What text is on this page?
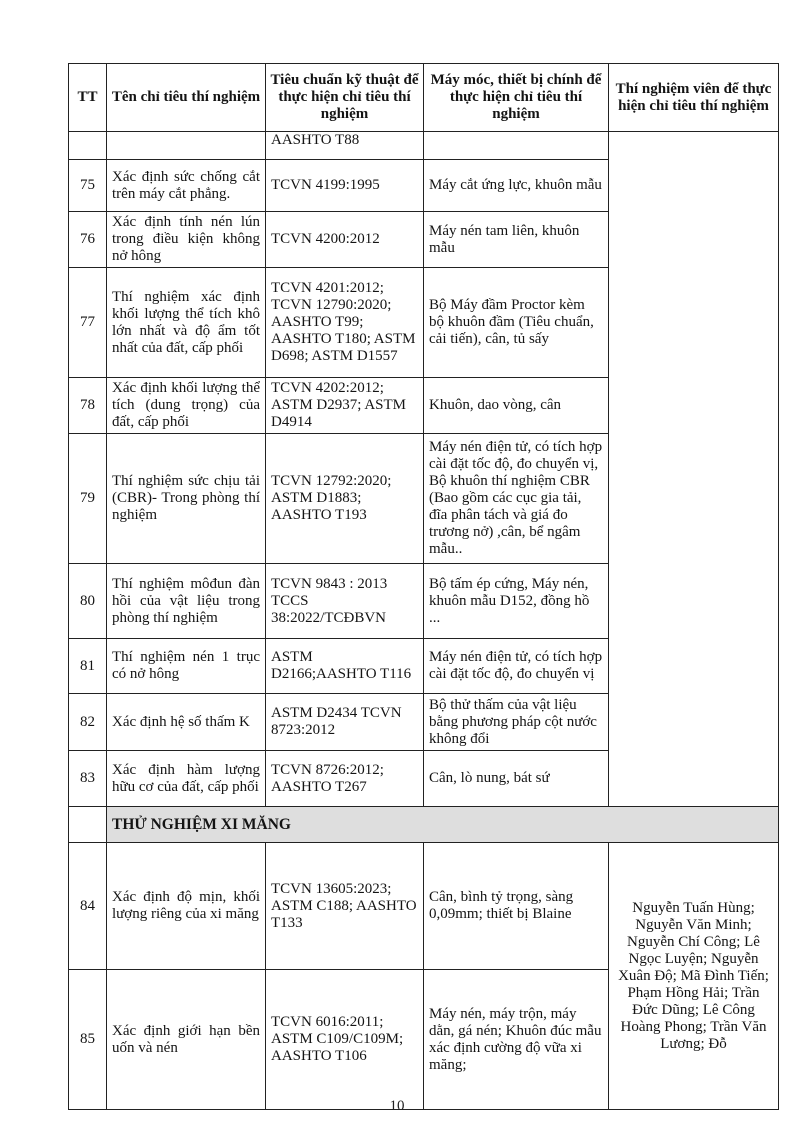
TT	Tên chỉ tiêu thí nghiệm	Tiêu chuẩn kỹ thuật để thực hiện chỉ tiêu thí nghiệm	Máy móc, thiết bị chính để thực hiện chỉ tiêu thí nghiệm	Thí nghiệm viên để thực hiện chỉ tiêu thí nghiệm
		AASHTO T88		
75	Xác định sức chống cắt trên máy cắt phẳng.	TCVN 4199:1995	Máy cắt ứng lực, khuôn mẫu	
76	Xác định tính nén lún trong điều kiện không nở hông	TCVN 4200:2012	Máy nén tam liên, khuôn mẫu	
77	Thí nghiệm xác định khối lượng thể tích khô lớn nhất và độ ẩm tốt nhất của đất, cấp phối	TCVN 4201:2012; TCVN 12790:2020; AASHTO T99; AASHTO T180; ASTM D698; ASTM D1557	Bộ Máy đầm Proctor kèm bộ khuôn đầm (Tiêu chuẩn, cải tiến), cân, tủ sấy	
78	Xác định khối lượng thể tích (dung trọng) của đất, cấp phối	TCVN 4202:2012; ASTM D2937; ASTM D4914	Khuôn, dao vòng, cân	
79	Thí nghiệm sức chịu tải (CBR)- Trong phòng thí nghiệm	TCVN 12792:2020; ASTM D1883; AASHTO T193	Máy nén điện tử, có tích hợp cài đặt tốc độ, đo chuyển vị, Bộ khuôn thí nghiệm CBR (Bao gồm các cục gia tải, đĩa phân tách và giá đo trương nở) ,cân, bể ngâm mẫu..	
80	Thí nghiệm môđun đàn hồi của vật liệu trong phòng thí nghiệm	TCVN 9843 : 2013 TCCS 38:2022/TCĐBVN	Bộ tấm ép cứng, Máy nén, khuôn mẫu D152, đồng hồ ...	
81	Thí nghiệm nén 1 trục có nở hông	ASTM D2166;AASHTO T116	Máy nén điện tử, có tích hợp cài đặt tốc độ, đo chuyển vị	
82	Xác định hệ số thấm K	ASTM D2434 TCVN 8723:2012	Bộ thử thấm của vật liệu bằng phương pháp cột nước không đổi	
83	Xác định hàm lượng hữu cơ của đất, cấp phối	TCVN 8726:2012; AASHTO T267	Cân, lò nung, bát sứ	
	THỬ NGHIỆM XI MĂNG			
84	Xác định độ mịn, khối lượng riêng của xi măng	TCVN 13605:2023; ASTM C188; AASHTO T133	Cân, bình tỷ trọng, sàng 0,09mm; thiết bị Blaine	Nguyễn Tuấn Hùng; Nguyễn Văn Minh; Nguyễn Chí Công; Lê Ngọc Luyện; Nguyễn Xuân Độ; Mã Đình Tiến; Phạm Hồng Hải; Trần Đức Dũng; Lê Công Hoàng Phong; Trần Văn Lương; Đỗ
85	Xác định giới hạn bền uốn và nén	TCVN 6016:2011; ASTM C109/C109M; AASHTO T106	Máy nén, máy trộn, máy dằn, gá nén; Khuôn đúc mẫu xác định cường độ vữa xi măng;	
10
